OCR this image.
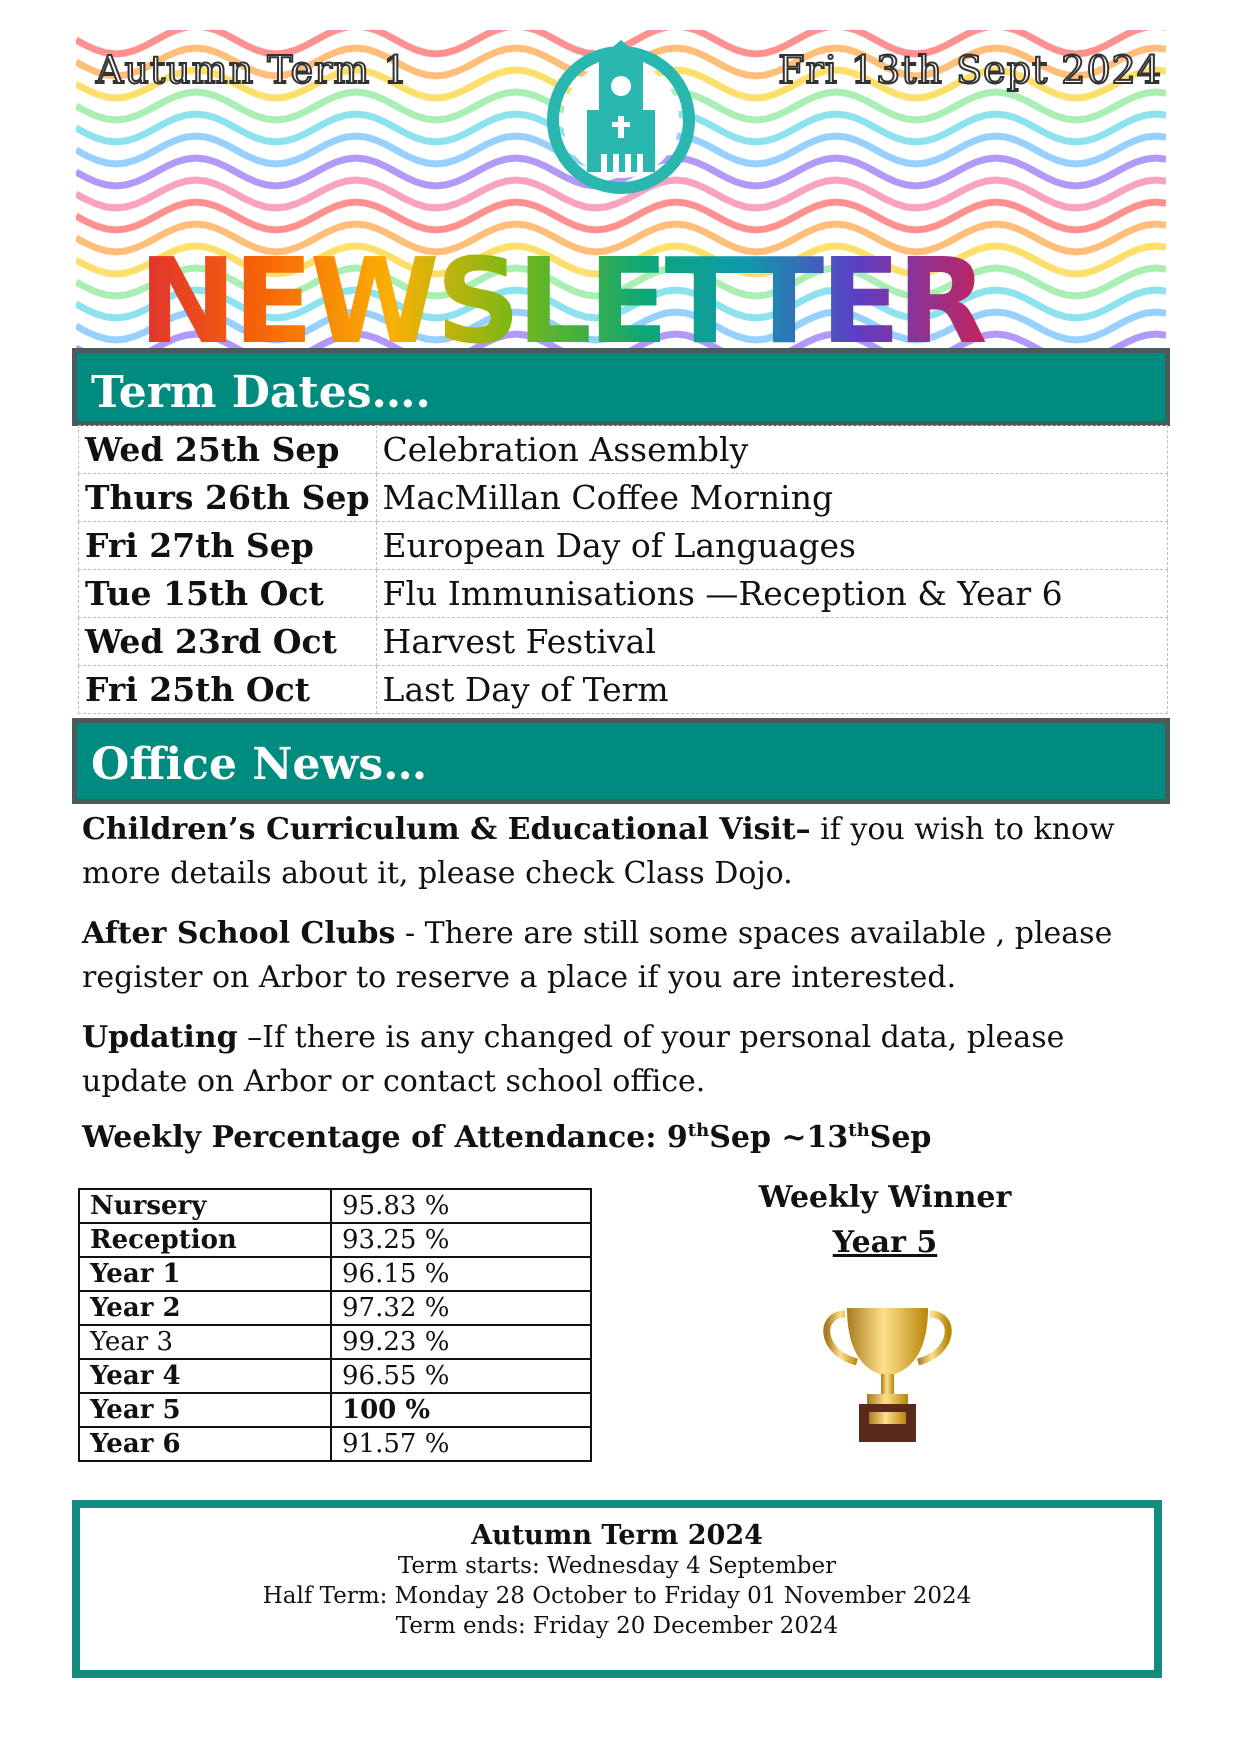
Autumn Term 1	Fri 13th Sept 2024
NEWSLETTER
Term Dates….
Wed 25th Sep	Celebration Assembly
Thurs 26th Sep	MacMillan Coffee Morning
Fri 27th Sep	European Day of Languages
Tue 15th Oct	Flu Immunisations —Reception & Year 6
Wed 23rd Oct	Harvest Festival
Fri 25th Oct	Last Day of Term
Office News…

Children’s Curriculum & Educational Visit– if you wish to know more details about it, please check Class Dojo.

After School Clubs - There are still some spaces available , please register on Arbor to reserve a place if you are interested.

Updating –If there is any changed of your personal data, please update on Arbor or contact school office.

Weekly Percentage of Attendance: 9thSep ~13thSep
Nursery	95.83 %
Reception	93.25 %
Year 1	96.15 %
Year 2	97.32 %
Year 3	99.23 %
Year 4	96.55 %
Year 5	100 %
Year 6	91.57 %
Weekly Winner
Year 5
Autumn Term 2024
Term starts: Wednesday 4 September
Half Term: Monday 28 October to Friday 01 November 2024
Term ends: Friday 20 December 2024
